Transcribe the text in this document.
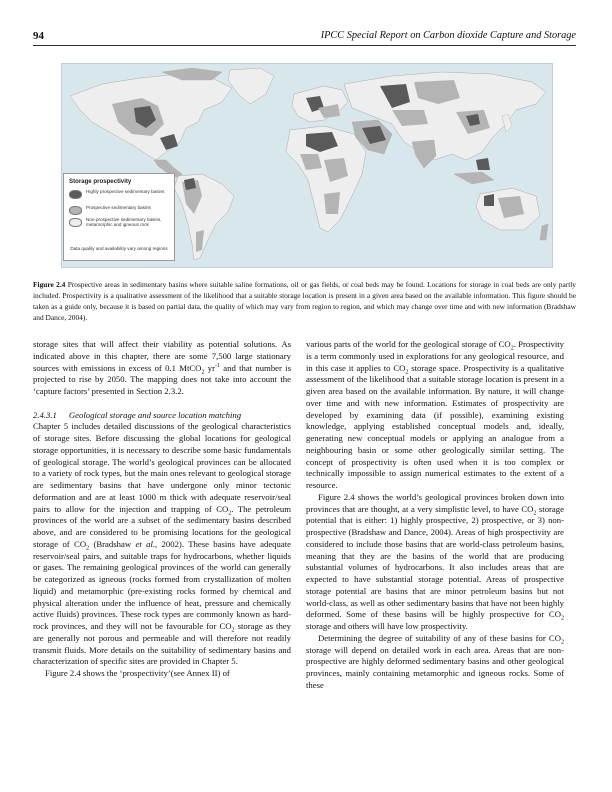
94	IPCC Special Report on Carbon dioxide Capture and Storage
Storage prospectivity
Highly prospective sedimentary basins
Prospective sedimentary basins
Non-prospective sedimentary basins, metamorphic and igneous rock
Data quality and availability vary among regions
Figure 2.4 Prospective areas in sedimentary basins where suitable saline formations, oil or gas fields, or coal beds may be found. Locations for storage in coal beds are only partly included. Prospectivity is a qualitative assessment of the likelihood that a suitable storage location is present in a given area based on the available information. This figure should be taken as a guide only, because it is based on partial data, the quality of which may vary from region to region, and which may change over time and with new information (Bradshaw and Dance, 2004).

storage sites that will affect their viability as potential solutions. As indicated above in this chapter, there are some 7,500 large stationary sources with emissions in excess of 0.1 MtCO$_2$ $yr^{-1}$ and that number is projected to rise by 2050. The mapping does not take into account the ‘capture factors’ presented in Section 2.3.2.

2.4.3.1 Geological storage and source location matching

Chapter 5 includes detailed discussions of the geological characteristics of storage sites. Before discussing the global locations for geological storage opportunities, it is necessary to describe some basic fundamentals of geological storage. The world’s geological provinces can be allocated to a variety of rock types, but the main ones relevant to geological storage are sedimentary basins that have undergone only minor tectonic deformation and are at least 1000 m thick with adequate reservoir/seal pairs to allow for the injection and trapping of $CO_2$. The petroleum provinces of the world are a subset of the sedimentary basins described above, and are considered to be promising locations for the geological storage of $CO_2$ (Bradshaw et al., 2002). These basins have adequate reservoir/seal pairs, and suitable traps for hydrocarbons, whether liquids or gases. The remaining geological provinces of the world can generally be categorized as igneous (rocks formed from crystallization of molten liquid) and metamorphic (pre-existing rocks formed by chemical and physical alteration under the influence of heat, pressure and chemically active fluids) provinces. These rock types are commonly known as hard-rock provinces, and they will not be favourable for $CO_2$ storage as they are generally not porous and permeable and will therefore not readily transmit fluids. More details on the suitability of sedimentary basins and characterization of specific sites are provided in Chapter 5.

Figure 2.4 shows the ‘prospectivity’(see Annex II) of

various parts of the world for the geological storage of $CO_2$. Prospectivity is a term commonly used in explorations for any geological resource, and in this case it applies to $CO_2$ storage space. Prospectivity is a qualitative assessment of the likelihood that a suitable storage location is present in a given area based on the available information. By nature, it will change over time and with new information. Estimates of prospectivity are developed by examining data (if possible), examining existing knowledge, applying established conceptual models and, ideally, generating new conceptual models or applying an analogue from a neighbouring basin or some other geologically similar setting. The concept of prospectivity is often used when it is too complex or technically impossible to assign numerical estimates to the extent of a resource.

Figure 2.4 shows the world’s geological provinces broken down into provinces that are thought, at a very simplistic level, to have $CO_2$ storage potential that is either: 1) highly prospective, 2) prospective, or 3) non-prospective (Bradshaw and Dance, 2004). Areas of high prospectivity are considered to include those basins that are world-class petroleum basins, meaning that they are the basins of the world that are producing substantial volumes of hydrocarbons. It also includes areas that are expected to have substantial storage potential. Areas of prospective storage potential are basins that are minor petroleum basins but not world-class, as well as other sedimentary basins that have not been highly deformed. Some of these basins will be highly prospective for $CO_2$ storage and others will have low prospectivity.

Determining the degree of suitability of any of these basins for $CO_2$ storage will depend on detailed work in each area. Areas that are non-prospective are highly deformed sedimentary basins and other geological provinces, mainly containing metamorphic and igneous rocks. Some of these
